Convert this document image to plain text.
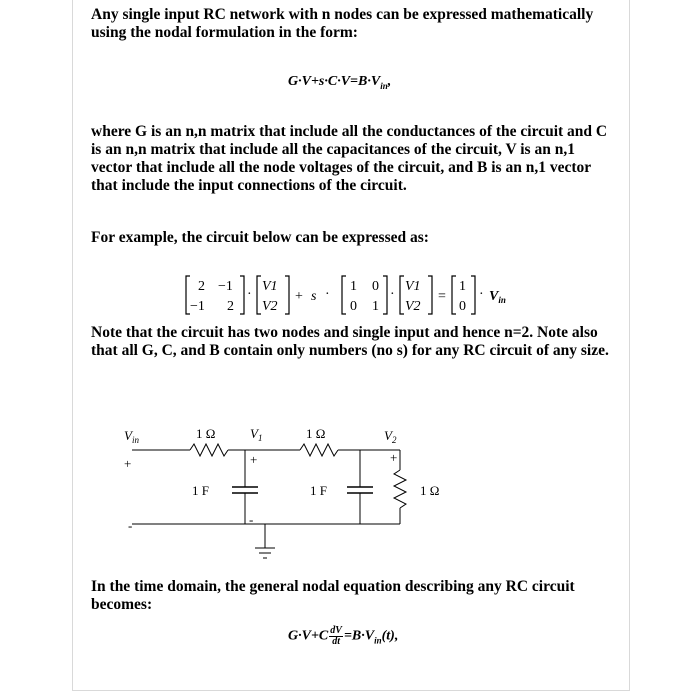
Any single input RC network with n nodes can be expressed mathematically using the nodal formulation in the form:
$G\cdot V+s\cdot C\cdot V=B\cdot V_{in}$,
where G is an n,n matrix that include all the conductances of the circuit and C is an n,n matrix that include all the capacitances of the circuit, V is an n,1 vector that include all the node voltages of the circuit, and B is an n,1 vector that include the input connections of the circuit.
For example, the circuit below can be expressed as:
2 −1
−1 2
·
V1
V2
+ s ·
1 0
0 1
·
V1
V2
=
1
0
· $V_{in}$
Note that the circuit has two nodes and single input and hence n=2. Note also that all G, C, and B contain only numbers (no s) for any RC circuit of any size.
$V_{in}$
+
-
1 Ω	$V_1$
+
-
1 Ω	$V_2$
+
1 F	1 F	1 Ω
In the time domain, the general nodal equation describing any RC circuit becomes:
$G\cdot V+C \frac{dV}{dt} =B\cdot V_{in}(t)$,
